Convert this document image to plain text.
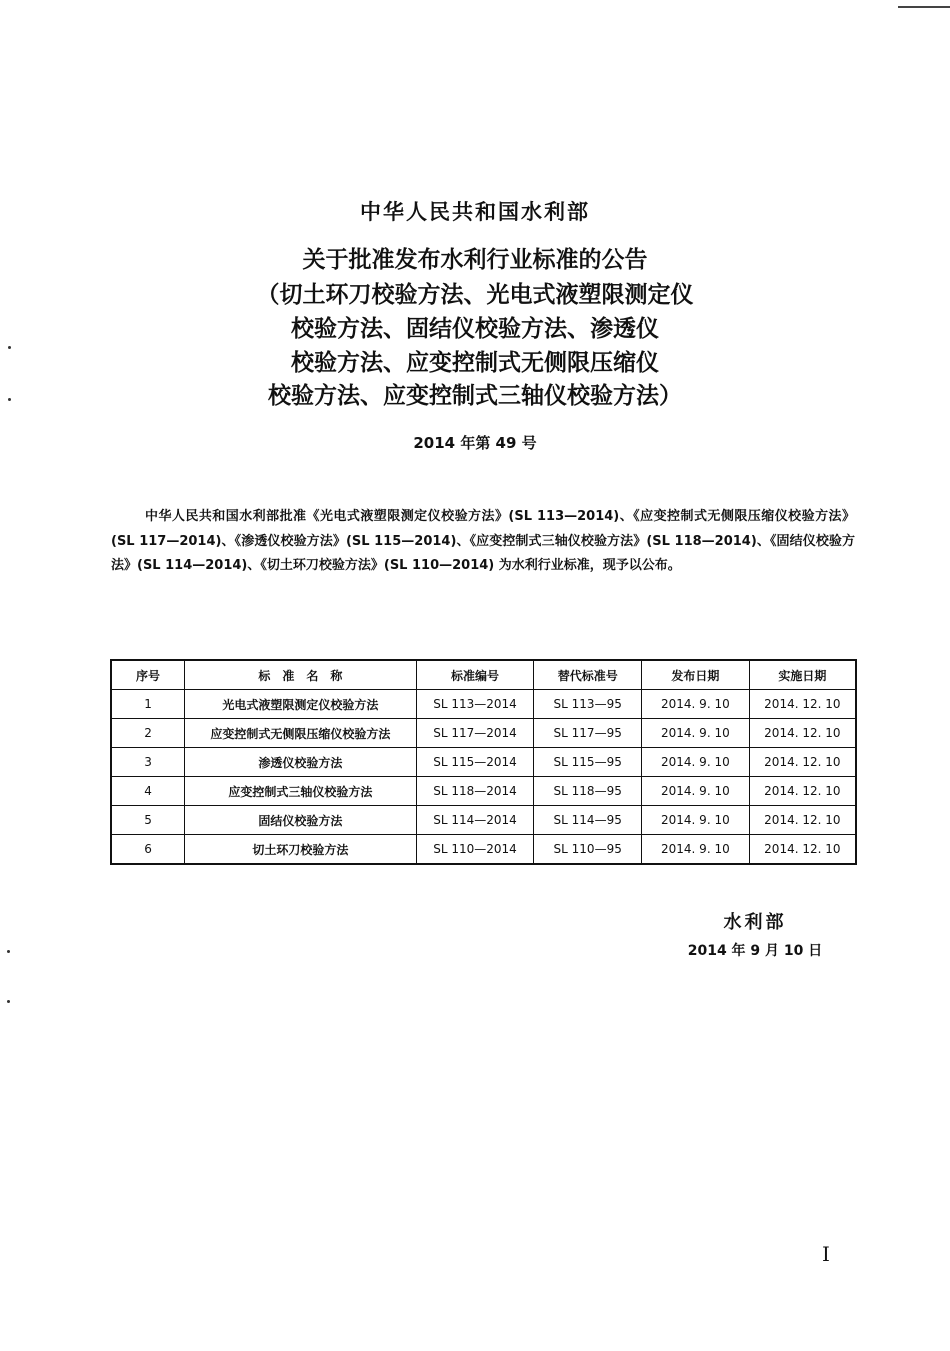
中华人民共和国水利部
关于批准发布水利行业标准的公告
（切土环刀校验方法、光电式液塑限测定仪
校验方法、固结仪校验方法、渗透仪
校验方法、应变控制式无侧限压缩仪
校验方法、应变控制式三轴仪校验方法）
2014 年第 49 号
中华人民共和国水利部批准《光电式液塑限测定仪校验方法》(SL 113—2014)、《应变控制式无侧限压缩仪校验方法》(SL 117—2014)、《渗透仪校验方法》(SL 115—2014)、《应变控制式三轴仪校验方法》(SL 118—2014)、《固结仪校验方法》(SL 114—2014)、《切土环刀校验方法》(SL 110—2014) 为水利行业标准，现予以公布。
序号	标　准　名　称	标准编号	替代标准号	发布日期	实施日期
1	光电式液塑限测定仪校验方法	SL 113—2014	SL 113—95	2014. 9. 10	2014. 12. 10
2	应变控制式无侧限压缩仪校验方法	SL 117—2014	SL 117—95	2014. 9. 10	2014. 12. 10
3	渗透仪校验方法	SL 115—2014	SL 115—95	2014. 9. 10	2014. 12. 10
4	应变控制式三轴仪校验方法	SL 118—2014	SL 118—95	2014. 9. 10	2014. 12. 10
5	固结仪校验方法	SL 114—2014	SL 114—95	2014. 9. 10	2014. 12. 10
6	切土环刀校验方法	SL 110—2014	SL 110—95	2014. 9. 10	2014. 12. 10
水利部
2014 年 9 月 10 日
I
